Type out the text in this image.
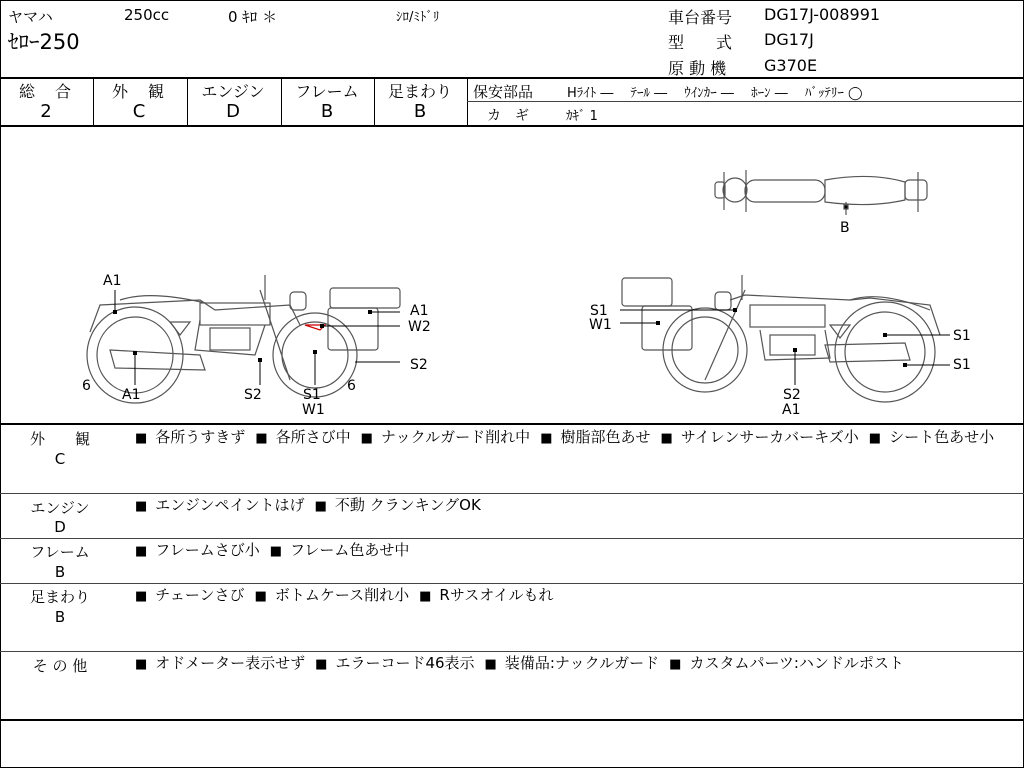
ヤマハ	250cc	0 ｷﾛ ＊	ｼﾛ/ﾐﾄﾞﾘ
ｾﾛｰ250
車台番号 DG17J-008991
型　　式 DG17J
原 動 機 G370E
総　合
2
外　観
C
エンジン
D
フレーム
B
足まわり
B
保安部品	Hﾗｲﾄ ―　 ﾃｰﾙ ―　 ｳｲﾝｶｰ ―　 ﾎｰﾝ ―　 ﾊﾞｯﾃﾘｰ ◯
カ　ギ	ｶｷﾞ 1
B
A1
6
A1	S2	S1
W1
6
A1
W2
S2
S1
W1
S1
S1
S2
A1
外　　観
C
■ 各所うすきず ■ 各所さび中 ■ ナックルガード削れ中 ■ 樹脂部色あせ ■ サイレンサーカバーキズ小 ■ シート色あせ小
エンジン
D
■ エンジンペイントはげ ■ 不動 クランキングOK
フレーム
B
■ フレームさび小 ■ フレーム色あせ中
足まわり
B
■ チェーンさび ■ ボトムケース削れ小 ■ Rサスオイルもれ
そ の 他	■ オドメーター表示せず ■ エラーコード46表示 ■ 装備品:ナックルガード ■ カスタムパーツ:ハンドルポスト
